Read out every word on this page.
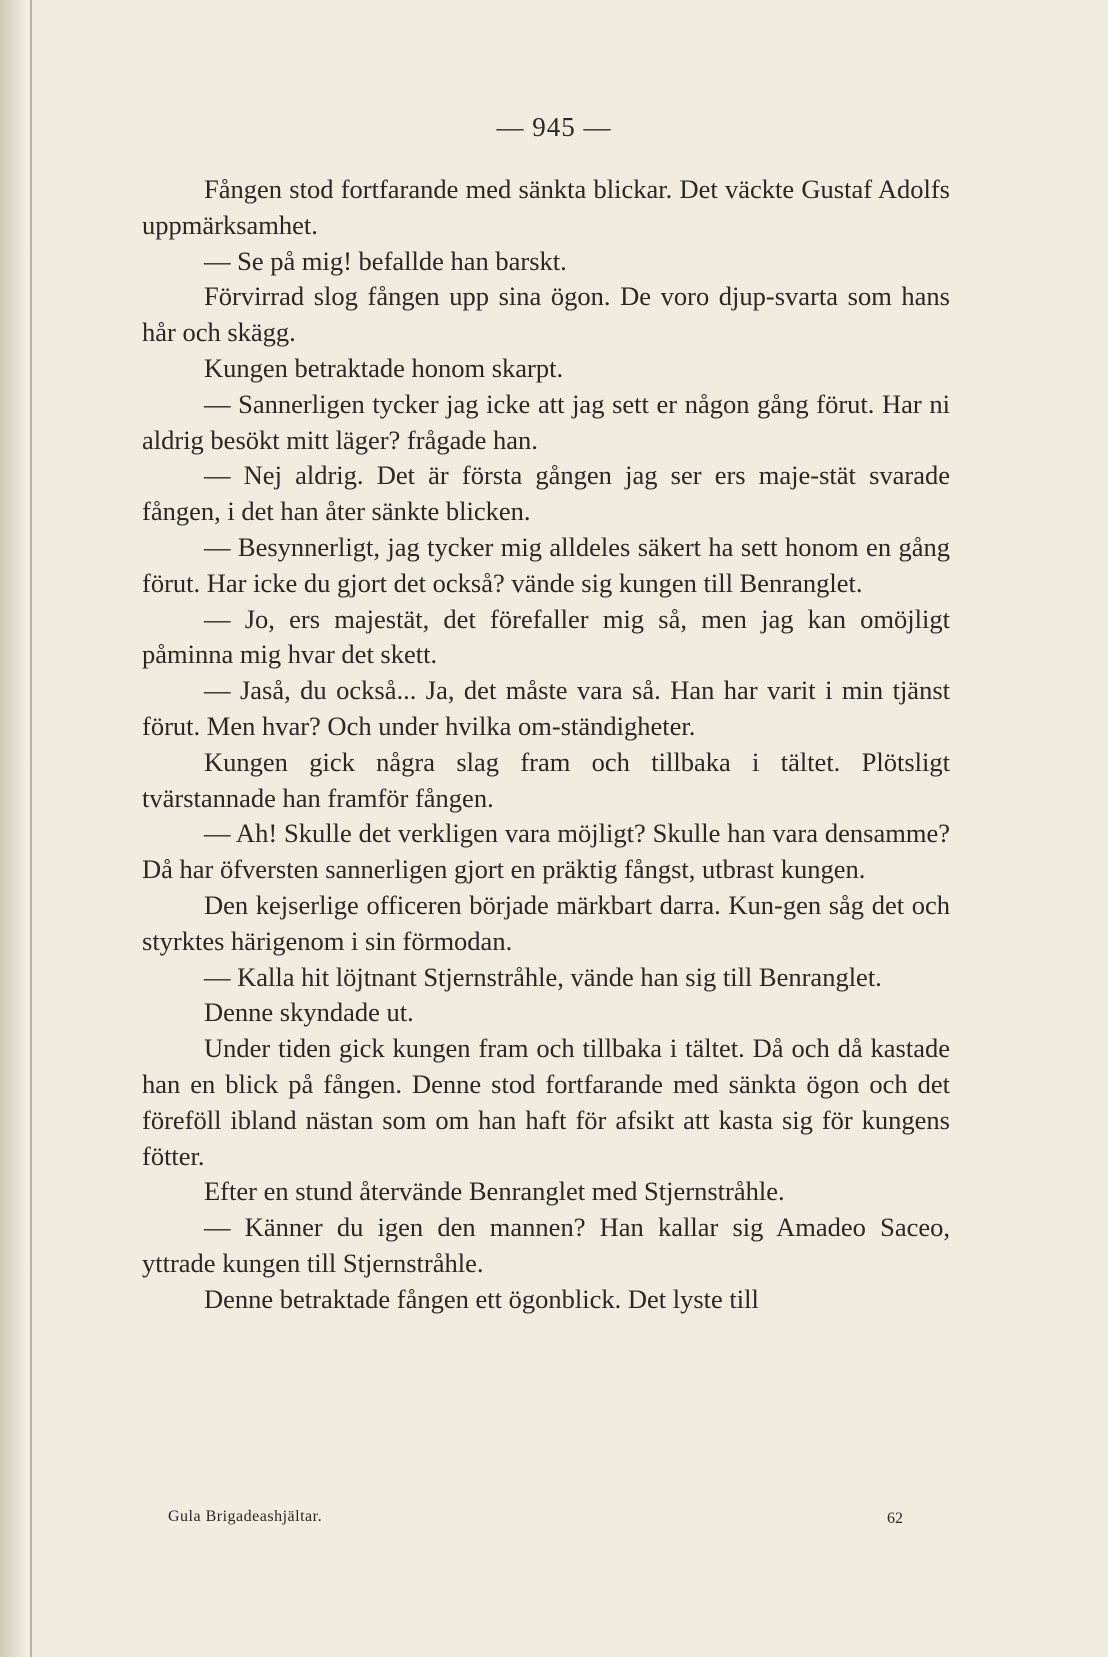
— 945 —

Fången stod fortfarande med sänkta blickar. Det väckte Gustaf Adolfs uppmärksamhet.

— Se på mig! befallde han barskt.

Förvirrad slog fången upp sina ögon. De voro djup-svarta som hans hår och skägg.

Kungen betraktade honom skarpt.

— Sannerligen tycker jag icke att jag sett er någon gång förut. Har ni aldrig besökt mitt läger? frågade han.

— Nej aldrig. Det är första gången jag ser ers maje-stät svarade fången, i det han åter sänkte blicken.

— Besynnerligt, jag tycker mig alldeles säkert ha sett honom en gång förut. Har icke du gjort det också? vände sig kungen till Benranglet.

— Jo, ers majestät, det förefaller mig så, men jag kan omöjligt påminna mig hvar det skett.

— Jaså, du också... Ja, det måste vara så. Han har varit i min tjänst förut. Men hvar? Och under hvilka om-ständigheter.

Kungen gick några slag fram och tillbaka i tältet. Plötsligt tvärstannade han framför fången.

— Ah! Skulle det verkligen vara möjligt? Skulle han vara densamme? Då har öfversten sannerligen gjort en präktig fångst, utbrast kungen.

Den kejserlige officeren började märkbart darra. Kun-gen såg det och styrktes härigenom i sin förmodan.

— Kalla hit löjtnant Stjernstråhle, vände han sig till Benranglet.

Denne skyndade ut.

Under tiden gick kungen fram och tillbaka i tältet. Då och då kastade han en blick på fången. Denne stod fortfarande med sänkta ögon och det föreföll ibland nästan som om han haft för afsikt att kasta sig för kungens fötter.

Efter en stund återvände Benranglet med Stjernstråhle.

— Känner du igen den mannen? Han kallar sig Amadeo Saceo, yttrade kungen till Stjernstråhle.

Denne betraktade fången ett ögonblick. Det lyste till

Gula Brigadeashjältar.	62
